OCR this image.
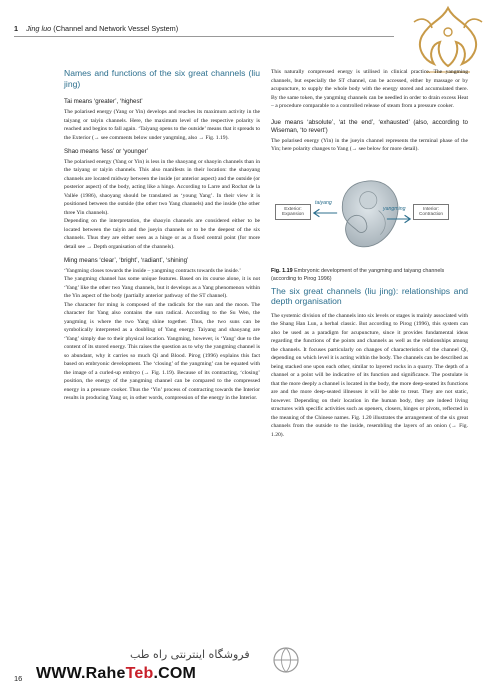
1 Jing luo (Channel and Network Vessel System)
Names and functions of the six great channels (liu jing)
Tai means ‘greater’, ‘highest’

The polarised energy (Yang or Yin) develops and reaches its maximum activity in the taiyang or taiyin channels. Here, the maximum level of the respective polarity is reached and begins to fall again. ‘Taiyang opens to the outside’ means that it spreads to the Exterior (→ see comments below under yangming, also → Fig. 1.19).

Shao means ‘less’ or ‘younger’

The polarised energy (Yang or Yin) is less in the shaoyang or shaoyin channels than in the taiyang or taiyin channels. This also manifests in their location: the shaoyang channels are located midway between the inside (or anterior aspect) and the outside (or posterior aspect) of the body, acting like a hinge. According to Larre and Rochat de la Vallée (1986), shaoyang should be translated as ‘young Yang’. In their view it is positioned between the outside (the other two Yang channels) and the inside (the other three Yin channels).

Depending on the interpretation, the shaoyin channels are considered either to be located between the taiyin and the jueyin channels or to be the deepest of the six channels. Thus they are either seen as a hinge or as a fixed central point (for more detail see → Depth organisation of the channels).

Ming means ‘clear’, ‘bright’, ‘radiant’, ‘shining’

‘Yangming closes towards the inside – yangming contracts towards the inside.’

The yangming channel has some unique features. Based on its course alone, it is not ‘Yang’ like the other two Yang channels, but it develops as a Yang phenomenon within the Yin aspect of the body (partially anterior pathway of the ST channel).

The character for ming is composed of the radicals for the sun and the moon. The character for Yang also contains the sun radical. According to the Su Wen, the yangming is where the two Yang shine together. Thus, the two suns can be symbolically interpreted as a doubling of Yang energy. Taiyang and shaoyang are ‘Yang’ simply due to their physical location. Yangming, however, is ‘Yang’ due to the content of its stored energy. This raises the question as to why the yangming channel is so abundant, why it carries so much Qi and Blood. Pirog (1996) explains this fact based on embryonic development. The ‘closing’ of the yangming’ can be equated with the image of a curled-up embryo (→ Fig. 1.19). Because of its contracting, ‘closing’ position, the energy of the yangming channel can be compared to the compressed energy in a pressure cooker. Thus the ‘Yin’ process of contracting towards the Interior results in producing Yang or, in other words, compression of the energy in the Interior.

This naturally compressed energy is utilised in clinical practice. The yangming channels, but especially the ST channel, can be accessed, either by massage or by acupuncture, to supply the whole body with the energy stored and accumulated there. By the same token, the yangming channels can be needled in order to drain excess Heat – a procedure comparable to a controlled release of steam from a pressure cooker.

Jue means ‘absolute’, ‘at the end’, ‘exhausted’ (also, according to Wiseman, ‘to revert’)

The polarised energy (Yin) in the jueyin channel represents the terminal phase of the Yin; here polarity changes to Yang (→ see below for more detail).

Exterior: Expansion
Interior: Contraction
taiyang
yangming

Fig. 1.19 Embryonic development of the yangming and taiyang channels (according to Pirog 1996)

The six great channels (liu jing): relationships and depth organisation

The systemic division of the channels into six levels or stages is mainly associated with the Shang Han Lun, a herbal classic. But according to Pirog (1996), this system can also be used as a paradigm for acupuncture, since it provides fundamental ideas regarding the functions of the points and channels as well as the relationships among the channels. It focuses particularly on changes of characteristics of the channel Qi, depending on which level it is acting within the body. The channels can be described as being stacked one upon each other, similar to layered rocks in a quarry. The depth of a channel or a point will be indicative of its function and significance. The postulate is that the more deeply a channel is located in the body, the more deep-seated its functions are and the more deep-seated illnesses it will be able to treat. They are not static, however. Depending on their location in the human body, they are indeed living structures with specific activities such as openers, closers, hinges or pivots, reflected in the meaning of the Chinese names. Fig. 1.20 illustrates the arrangement of the six great channels from the outside to the inside, resembling the layers of an onion (→ Fig. 1.20).

فروشگاه اینترنتی راه طب
WWW.RaheTeb.COM
16
